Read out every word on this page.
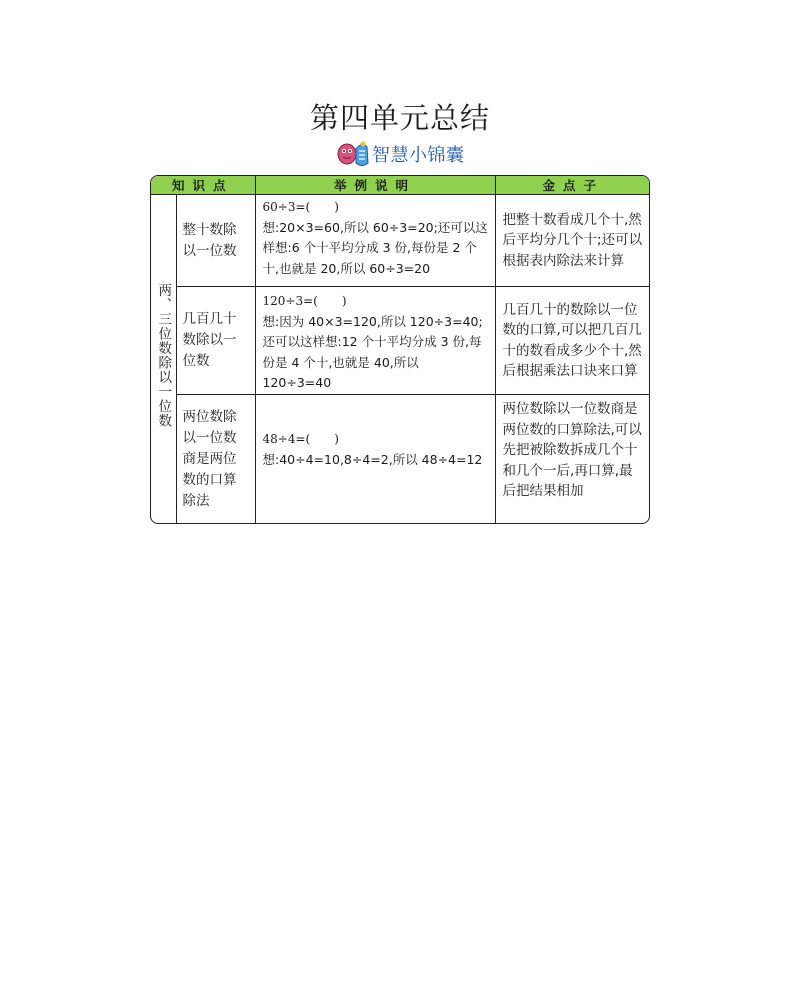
第四单元总结
智慧小锦囊
知识点		举例说明	金点子
两、三位数除以一位数	整十数除以一位数	60÷3=(　　)
想:20×3=60,所以 60÷3=20;还可以这样想:6 个十平均分成 3 份,每份是 2 个十,也就是 20,所以 60÷3=20	把整十数看成几个十,然后平均分几个十;还可以根据表内除法来计算
	几百几十数除以一位数	120÷3=(　　)
想:因为 40×3=120,所以 120÷3=40;还可以这样想:12 个十平均分成 3 份,每份是 4 个十,也就是 40,所以 120÷3=40	几百几十的数除以一位数的口算,可以把几百几十的数看成多少个十,然后根据乘法口诀来口算
	两位数除以一位数商是两位数的口算除法	48÷4=(　　)
想:40÷4=10,8÷4=2,所以 48÷4=12	两位数除以一位数商是两位数的口算除法,可以先把被除数拆成几个十和几个一后,再口算,最后把结果相加
